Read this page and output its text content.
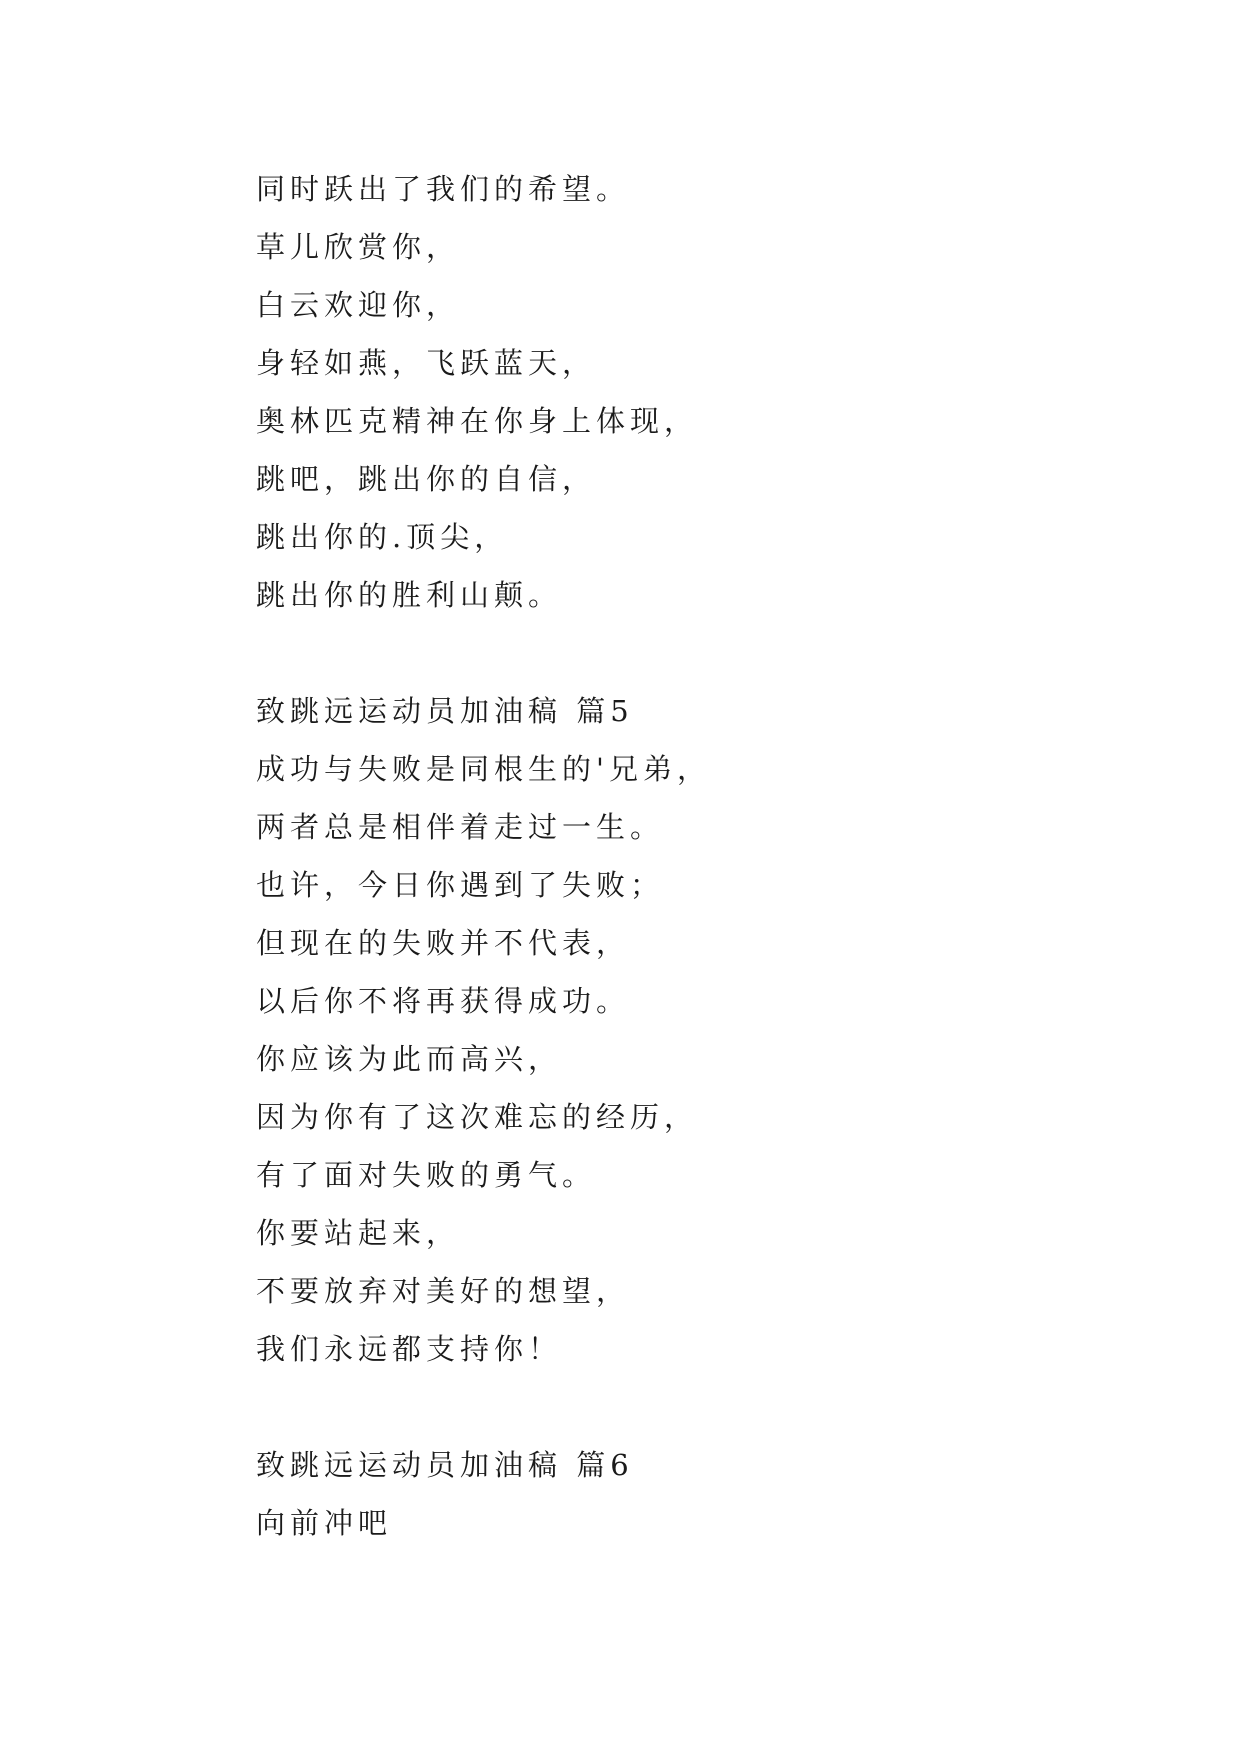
同时跃出了我们的希望。
草儿欣赏你，
白云欢迎你，
身轻如燕，飞跃蓝天，
奥林匹克精神在你身上体现，
跳吧，跳出你的自信，
跳出你的.顶尖，
跳出你的胜利山颠。
致跳远运动员加油稿 篇5
成功与失败是同根生的'兄弟，
两者总是相伴着走过一生。
也许，今日你遇到了失败；
但现在的失败并不代表，
以后你不将再获得成功。
你应该为此而高兴，
因为你有了这次难忘的经历，
有了面对失败的勇气。
你要站起来，
不要放弃对美好的想望，
我们永远都支持你！
致跳远运动员加油稿 篇6
向前冲吧
